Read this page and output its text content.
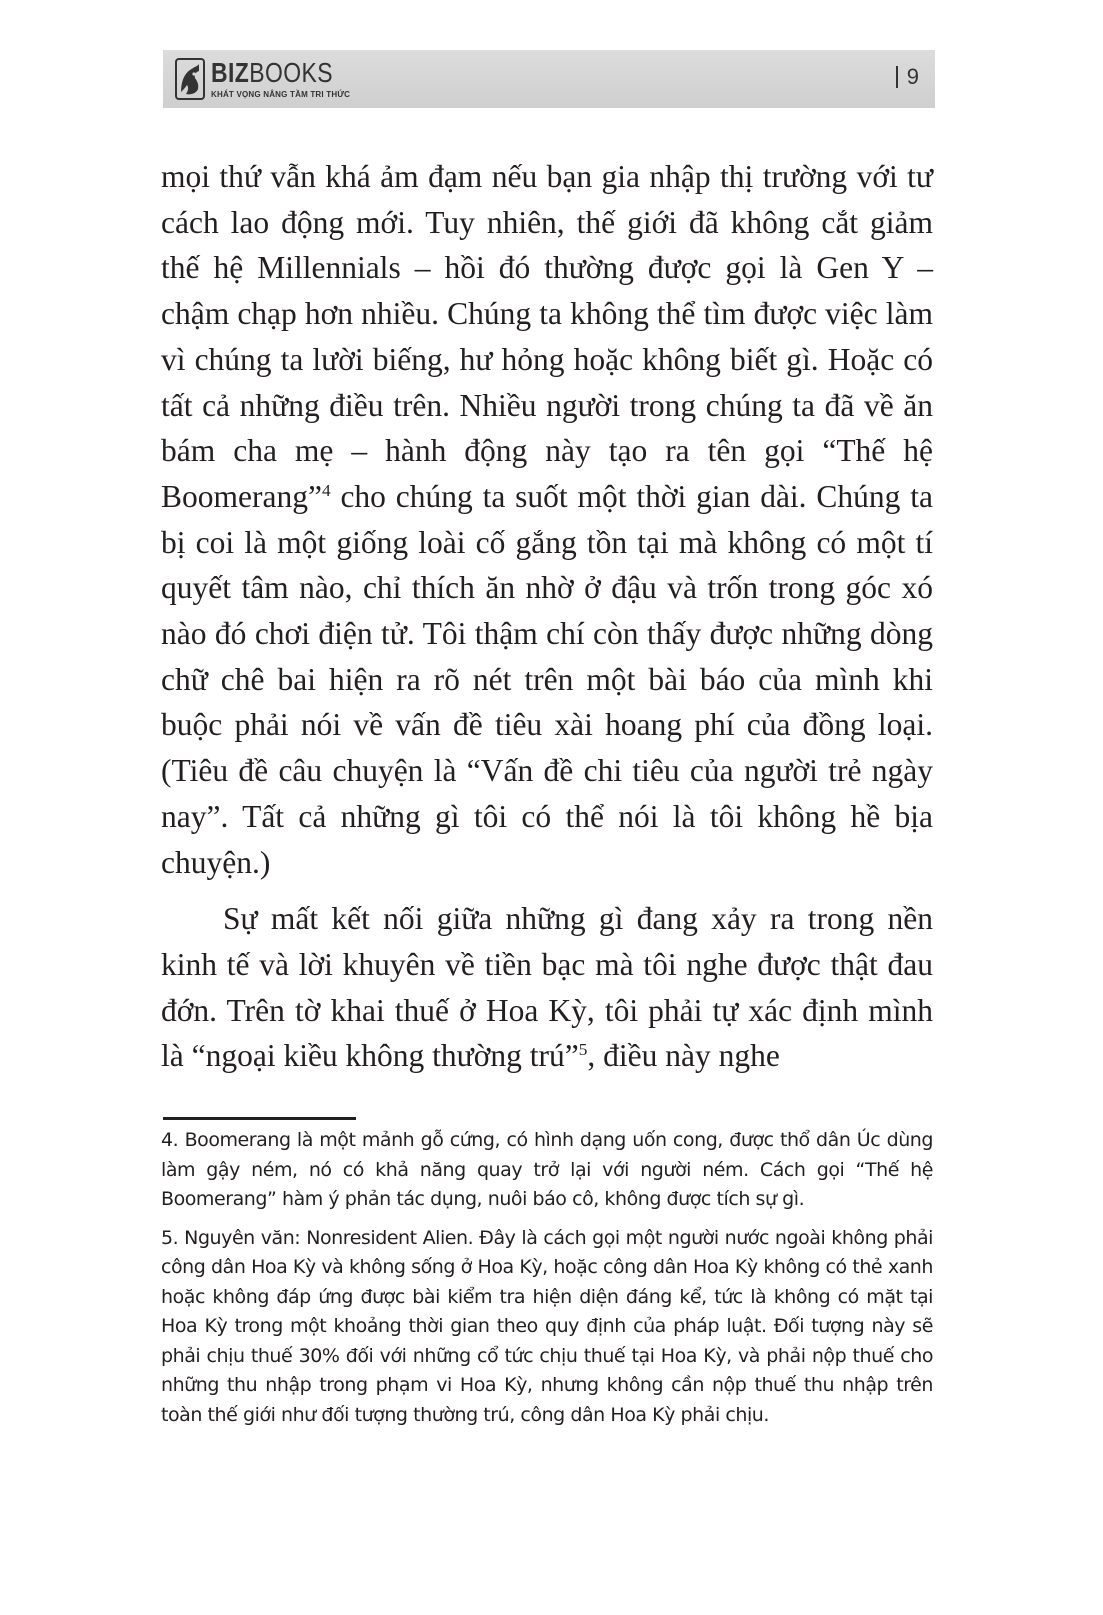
BIZBOOKS
KHÁT VỌNG NÂNG TẦM TRI THỨC
9

mọi thứ vẫn khá ảm đạm nếu bạn gia nhập thị trường với tư cách lao động mới. Tuy nhiên, thế giới đã không cắt giảm thế hệ Millennials – hồi đó thường được gọi là Gen Y – chậm chạp hơn nhiều. Chúng ta không thể tìm được việc làm vì chúng ta lười biếng, hư hỏng hoặc không biết gì. Hoặc có tất cả những điều trên. Nhiều người trong chúng ta đã về ăn bám cha mẹ – hành động này tạo ra tên gọi “Thế hệ Boomerang”$^4$ cho chúng ta suốt một thời gian dài. Chúng ta bị coi là một giống loài cố gắng tồn tại mà không có một tí quyết tâm nào, chỉ thích ăn nhờ ở đậu và trốn trong góc xó nào đó chơi điện tử. Tôi thậm chí còn thấy được những dòng chữ chê bai hiện ra rõ nét trên một bài báo của mình khi buộc phải nói về vấn đề tiêu xài hoang phí của đồng loại. (Tiêu đề câu chuyện là “Vấn đề chi tiêu của người trẻ ngày nay”. Tất cả những gì tôi có thể nói là tôi không hề bịa chuyện.)

Sự mất kết nối giữa những gì đang xảy ra trong nền kinh tế và lời khuyên về tiền bạc mà tôi nghe được thật đau đớn. Trên tờ khai thuế ở Hoa Kỳ, tôi phải tự xác định mình là “ngoại kiều không thường trú”$^5$, điều này nghe

4. Boomerang là một mảnh gỗ cứng, có hình dạng uốn cong, được thổ dân Úc dùng làm gậy ném, nó có khả năng quay trở lại với người ném. Cách gọi “Thế hệ Boomerang” hàm ý phản tác dụng, nuôi báo cô, không được tích sự gì.

5. Nguyên văn: Nonresident Alien. Đây là cách gọi một người nước ngoài không phải công dân Hoa Kỳ và không sống ở Hoa Kỳ, hoặc công dân Hoa Kỳ không có thẻ xanh hoặc không đáp ứng được bài kiểm tra hiện diện đáng kể, tức là không có mặt tại Hoa Kỳ trong một khoảng thời gian theo quy định của pháp luật. Đối tượng này sẽ phải chịu thuế 30% đối với những cổ tức chịu thuế tại Hoa Kỳ, và phải nộp thuế cho những thu nhập trong phạm vi Hoa Kỳ, nhưng không cần nộp thuế thu nhập trên toàn thế giới như đối tượng thường trú, công dân Hoa Kỳ phải chịu.
